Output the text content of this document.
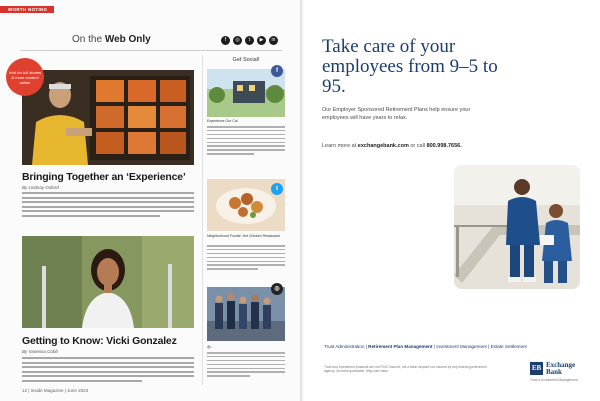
WORTH NOTING
On the Web Only	f	◎	t	▶	in
Visit for full stories & more content online
Bringing Together an ‘Experience’
By Lindsay Oxford
Getting to Know: Vicki Gonzalez
By Vanessa Cobb
Get Social!
f
Experience Our Cal
t
Neighborhood Foodie: Hot Chicken Restaurant
◎
@...
12 | Inside Magazine | June 2023
Take care of your employees from 9–5 to 95.
Our Employer Sponsored Retirement Plans help ensure your employees will have years to relax.
Learn more at exchangebank.com or call 800.998.7656.
Trust Administration | Retirement Plan Management | Investment Management | Estate Settlement
Trust and Investment products are not FDIC insured, not a bank deposit, not insured by any federal government agency. No bank guarantee. May lose value.	EB Exchange
Bank
Trust & Investment Management
